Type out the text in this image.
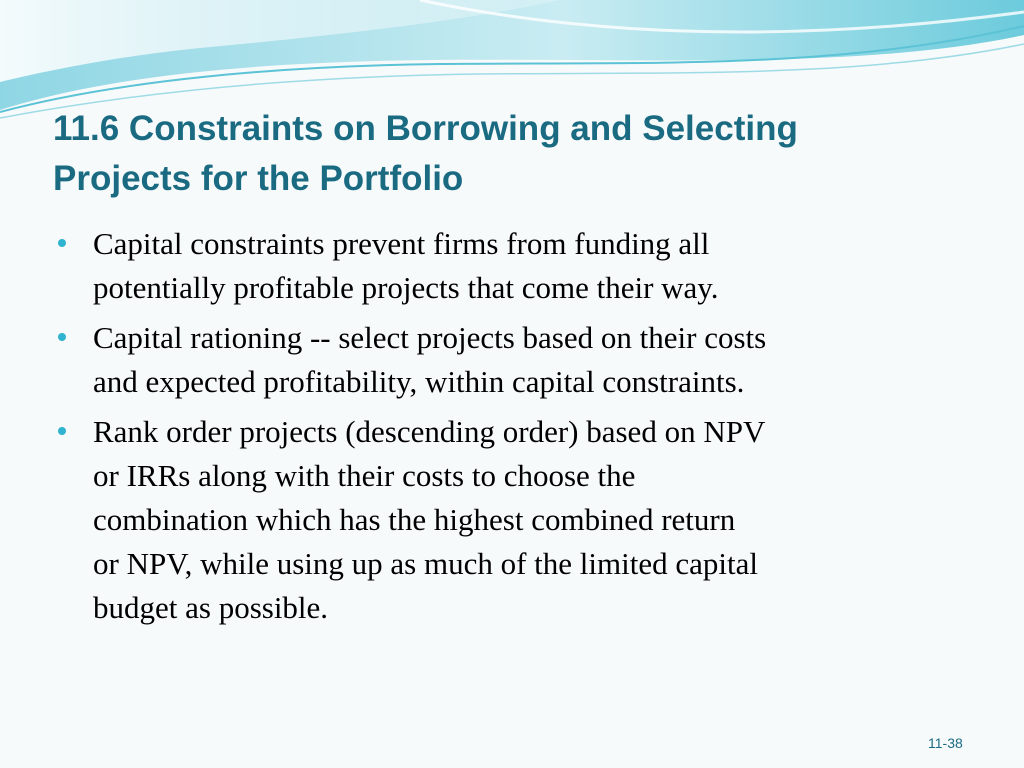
11.6 Constraints on Borrowing and Selecting
Projects for the Portfolio
Capital constraints prevent firms from funding all
potentially profitable projects that come their way.
Capital rationing -- select projects based on their costs
and expected profitability, within capital constraints.
Rank order projects (descending order) based on NPV
or IRRs along with their costs to choose the
combination which has the highest combined return
or NPV, while using up as much of the limited capital
budget as possible.
11-38
